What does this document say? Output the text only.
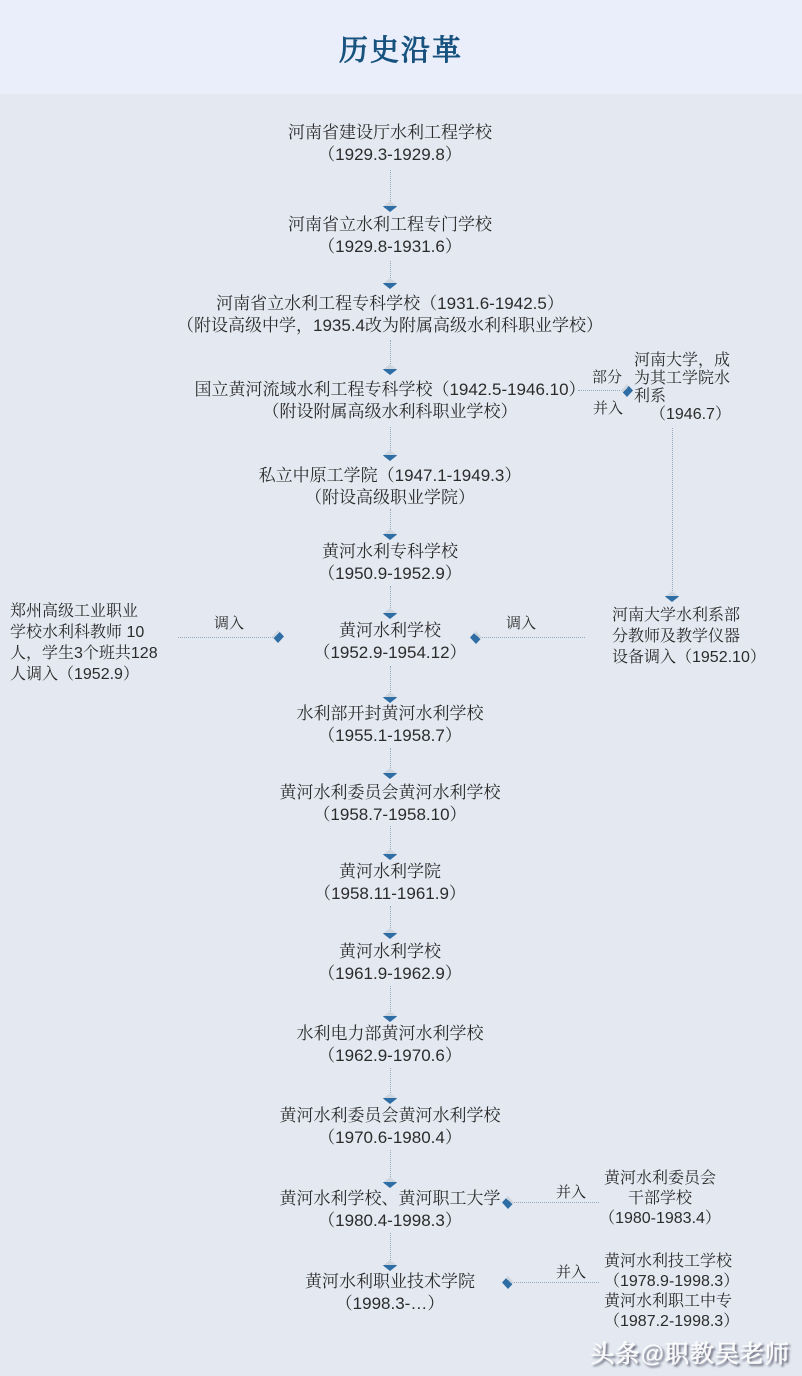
历史沿革
河南省建设厅水利工程学校
（1929.3-1929.8）
河南省立水利工程专门学校
（1929.8-1931.6）
河南省立水利工程专科学校（1931.6-1942.5）
（附设高级中学，1935.4改为附属高级水利科职业学校）
国立黄河流域水利工程专科学校（1942.5-1946.10）
（附设附属高级水利科职业学校）
私立中原工学院（1947.1-1949.3）
（附设高级职业学院）
黄河水利专科学校
（1950.9-1952.9）
黄河水利学校
（1952.9-1954.12）
水利部开封黄河水利学校
（1955.1-1958.7）
黄河水利委员会黄河水利学校
（1958.7-1958.10）
黄河水利学院
（1958.11-1961.9）
黄河水利学校
（1961.9-1962.9）
水利电力部黄河水利学校
（1962.9-1970.6）
黄河水利委员会黄河水利学校
（1970.6-1980.4）
黄河水利学校、黄河职工大学
（1980.4-1998.3）
黄河水利职业技术学院
（1998.3-…）
部分
并入
河南大学，成
为其工学院水
利系
（1946.7）
郑州高级工业职业
学校水利科教师 10
人，学生3个班共128
人调入（1952.9）
调入	调入	河南大学水利系部
分教师及教学仪器
设备调入（1952.10）
并入
黄河水利委员会
干部学校
（1980-1983.4）
并入
黄河水利技工学校
（1978.9-1998.3）
黄河水利职工中专
（1987.2-1998.3）
头条@职教吴老师
